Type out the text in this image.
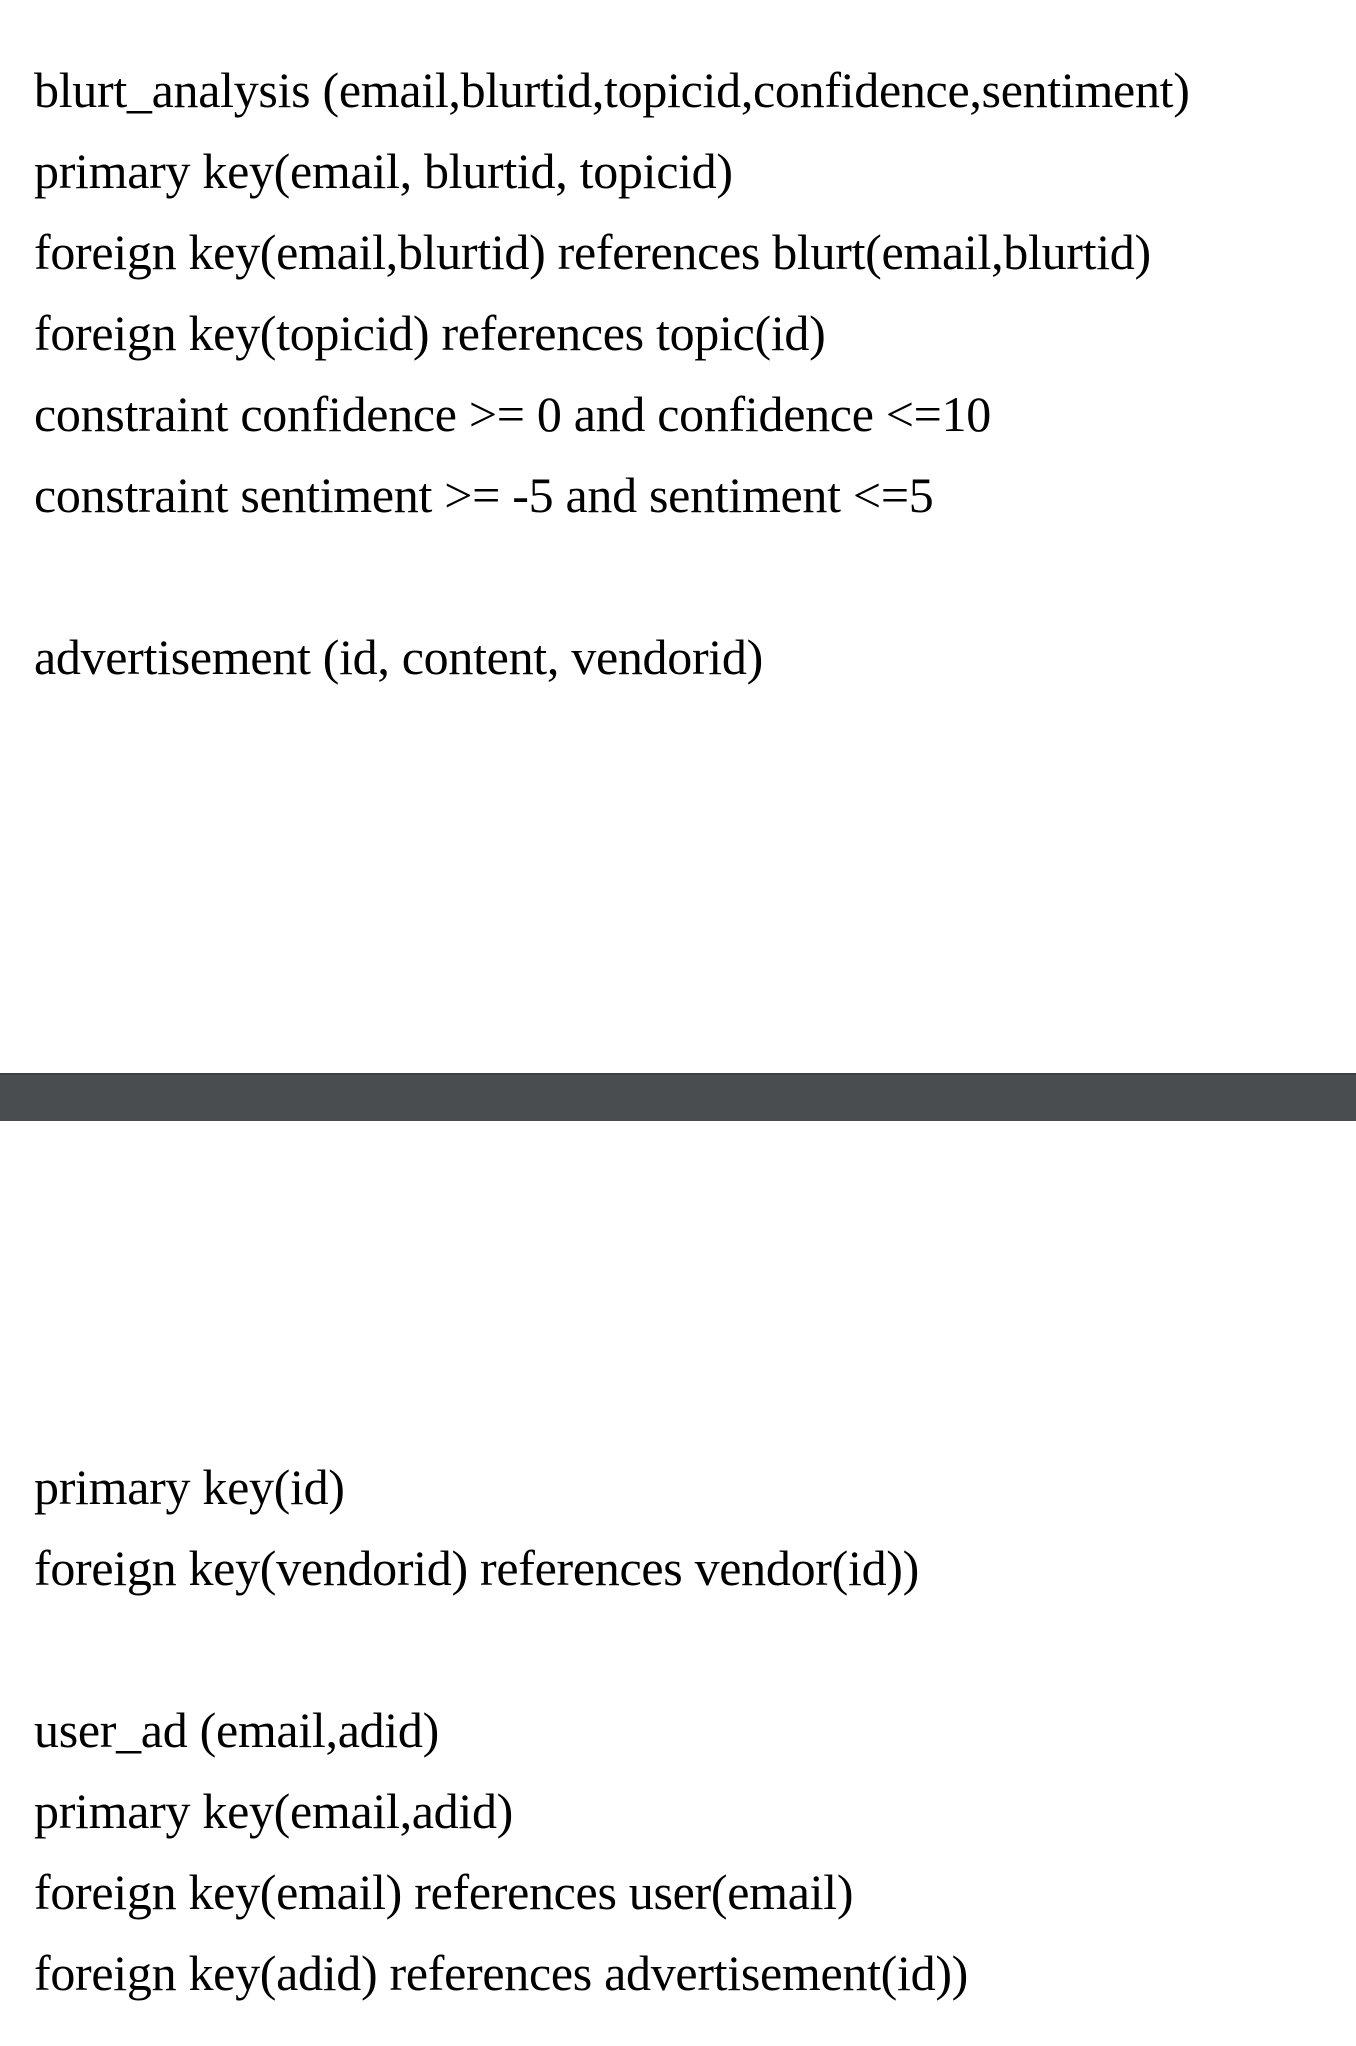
blurt_analysis (email,blurtid,topicid,confidence,sentiment)
primary key(email, blurtid, topicid)
foreign key(email,blurtid) references blurt(email,blurtid)
foreign key(topicid) references topic(id)
constraint confidence >= 0 and confidence <=10
constraint sentiment >= -5 and sentiment <=5
advertisement (id, content, vendorid)
primary key(id)
foreign key(vendorid) references vendor(id))
user_ad (email,adid)
primary key(email,adid)
foreign key(email) references user(email)
foreign key(adid) references advertisement(id))
